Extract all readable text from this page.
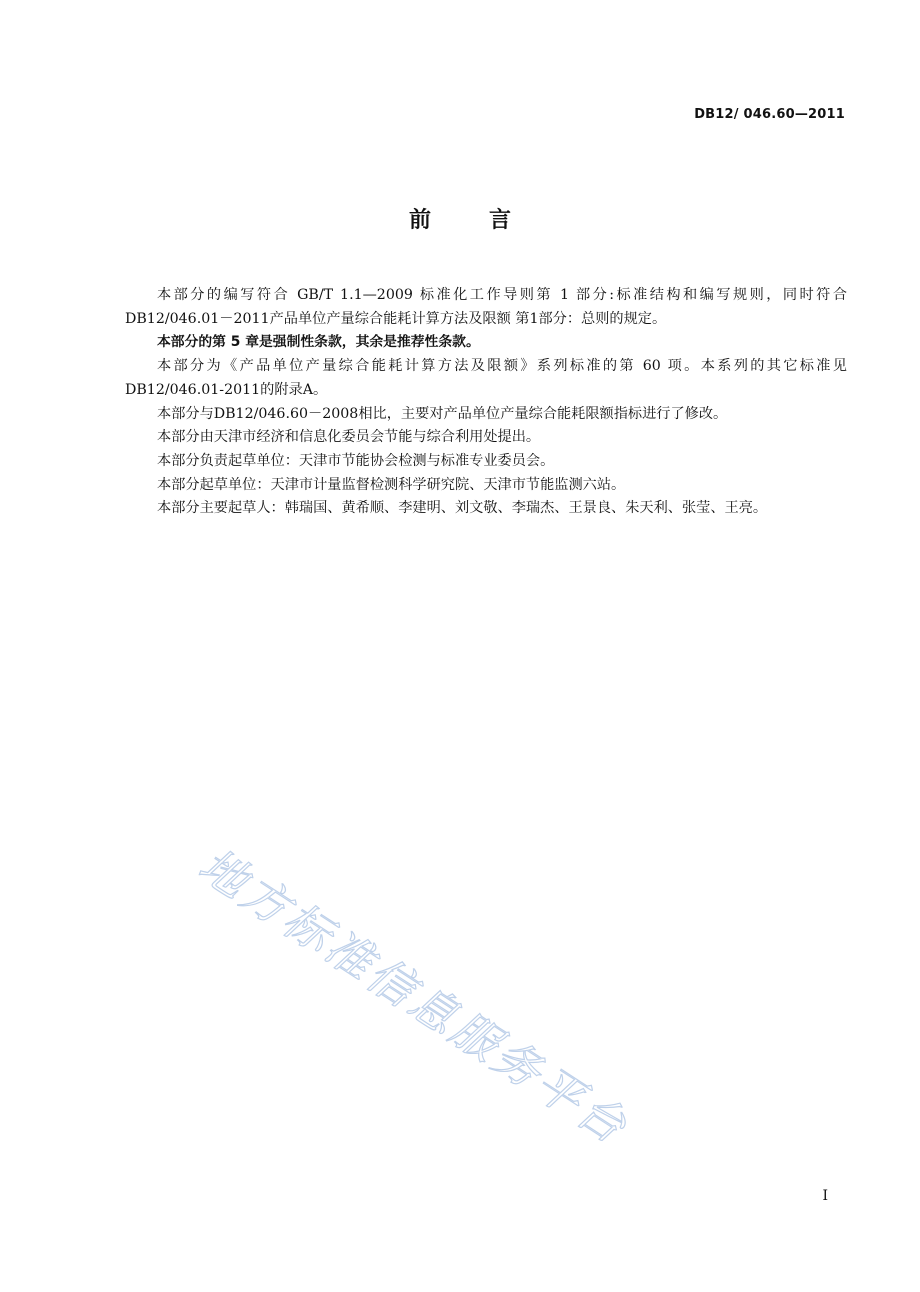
DB12/ 046.60—2011
前	言

本部分的编写符合 GB/T 1.1—2009 标准化工作导则第 1 部分:标准结构和编写规则，同时符合DB12/046.01－2011产品单位产量综合能耗计算方法及限额 第1部分：总则的规定。

本部分的第 5 章是强制性条款，其余是推荐性条款。

本部分为《产品单位产量综合能耗计算方法及限额》系列标准的第 60 项。本系列的其它标准见DB12/046.01-2011的附录A。

本部分与DB12/046.60－2008相比，主要对产品单位产量综合能耗限额指标进行了修改。

本部分由天津市经济和信息化委员会节能与综合利用处提出。

本部分负责起草单位：天津市节能协会检测与标准专业委员会。

本部分起草单位：天津市计量监督检测科学研究院、天津市节能监测六站。

本部分主要起草人：韩瑞国、黄希顺、李建明、刘文敬、李瑞杰、王景良、朱天利、张莹、王亮。

地方标准信息服务平台
I
